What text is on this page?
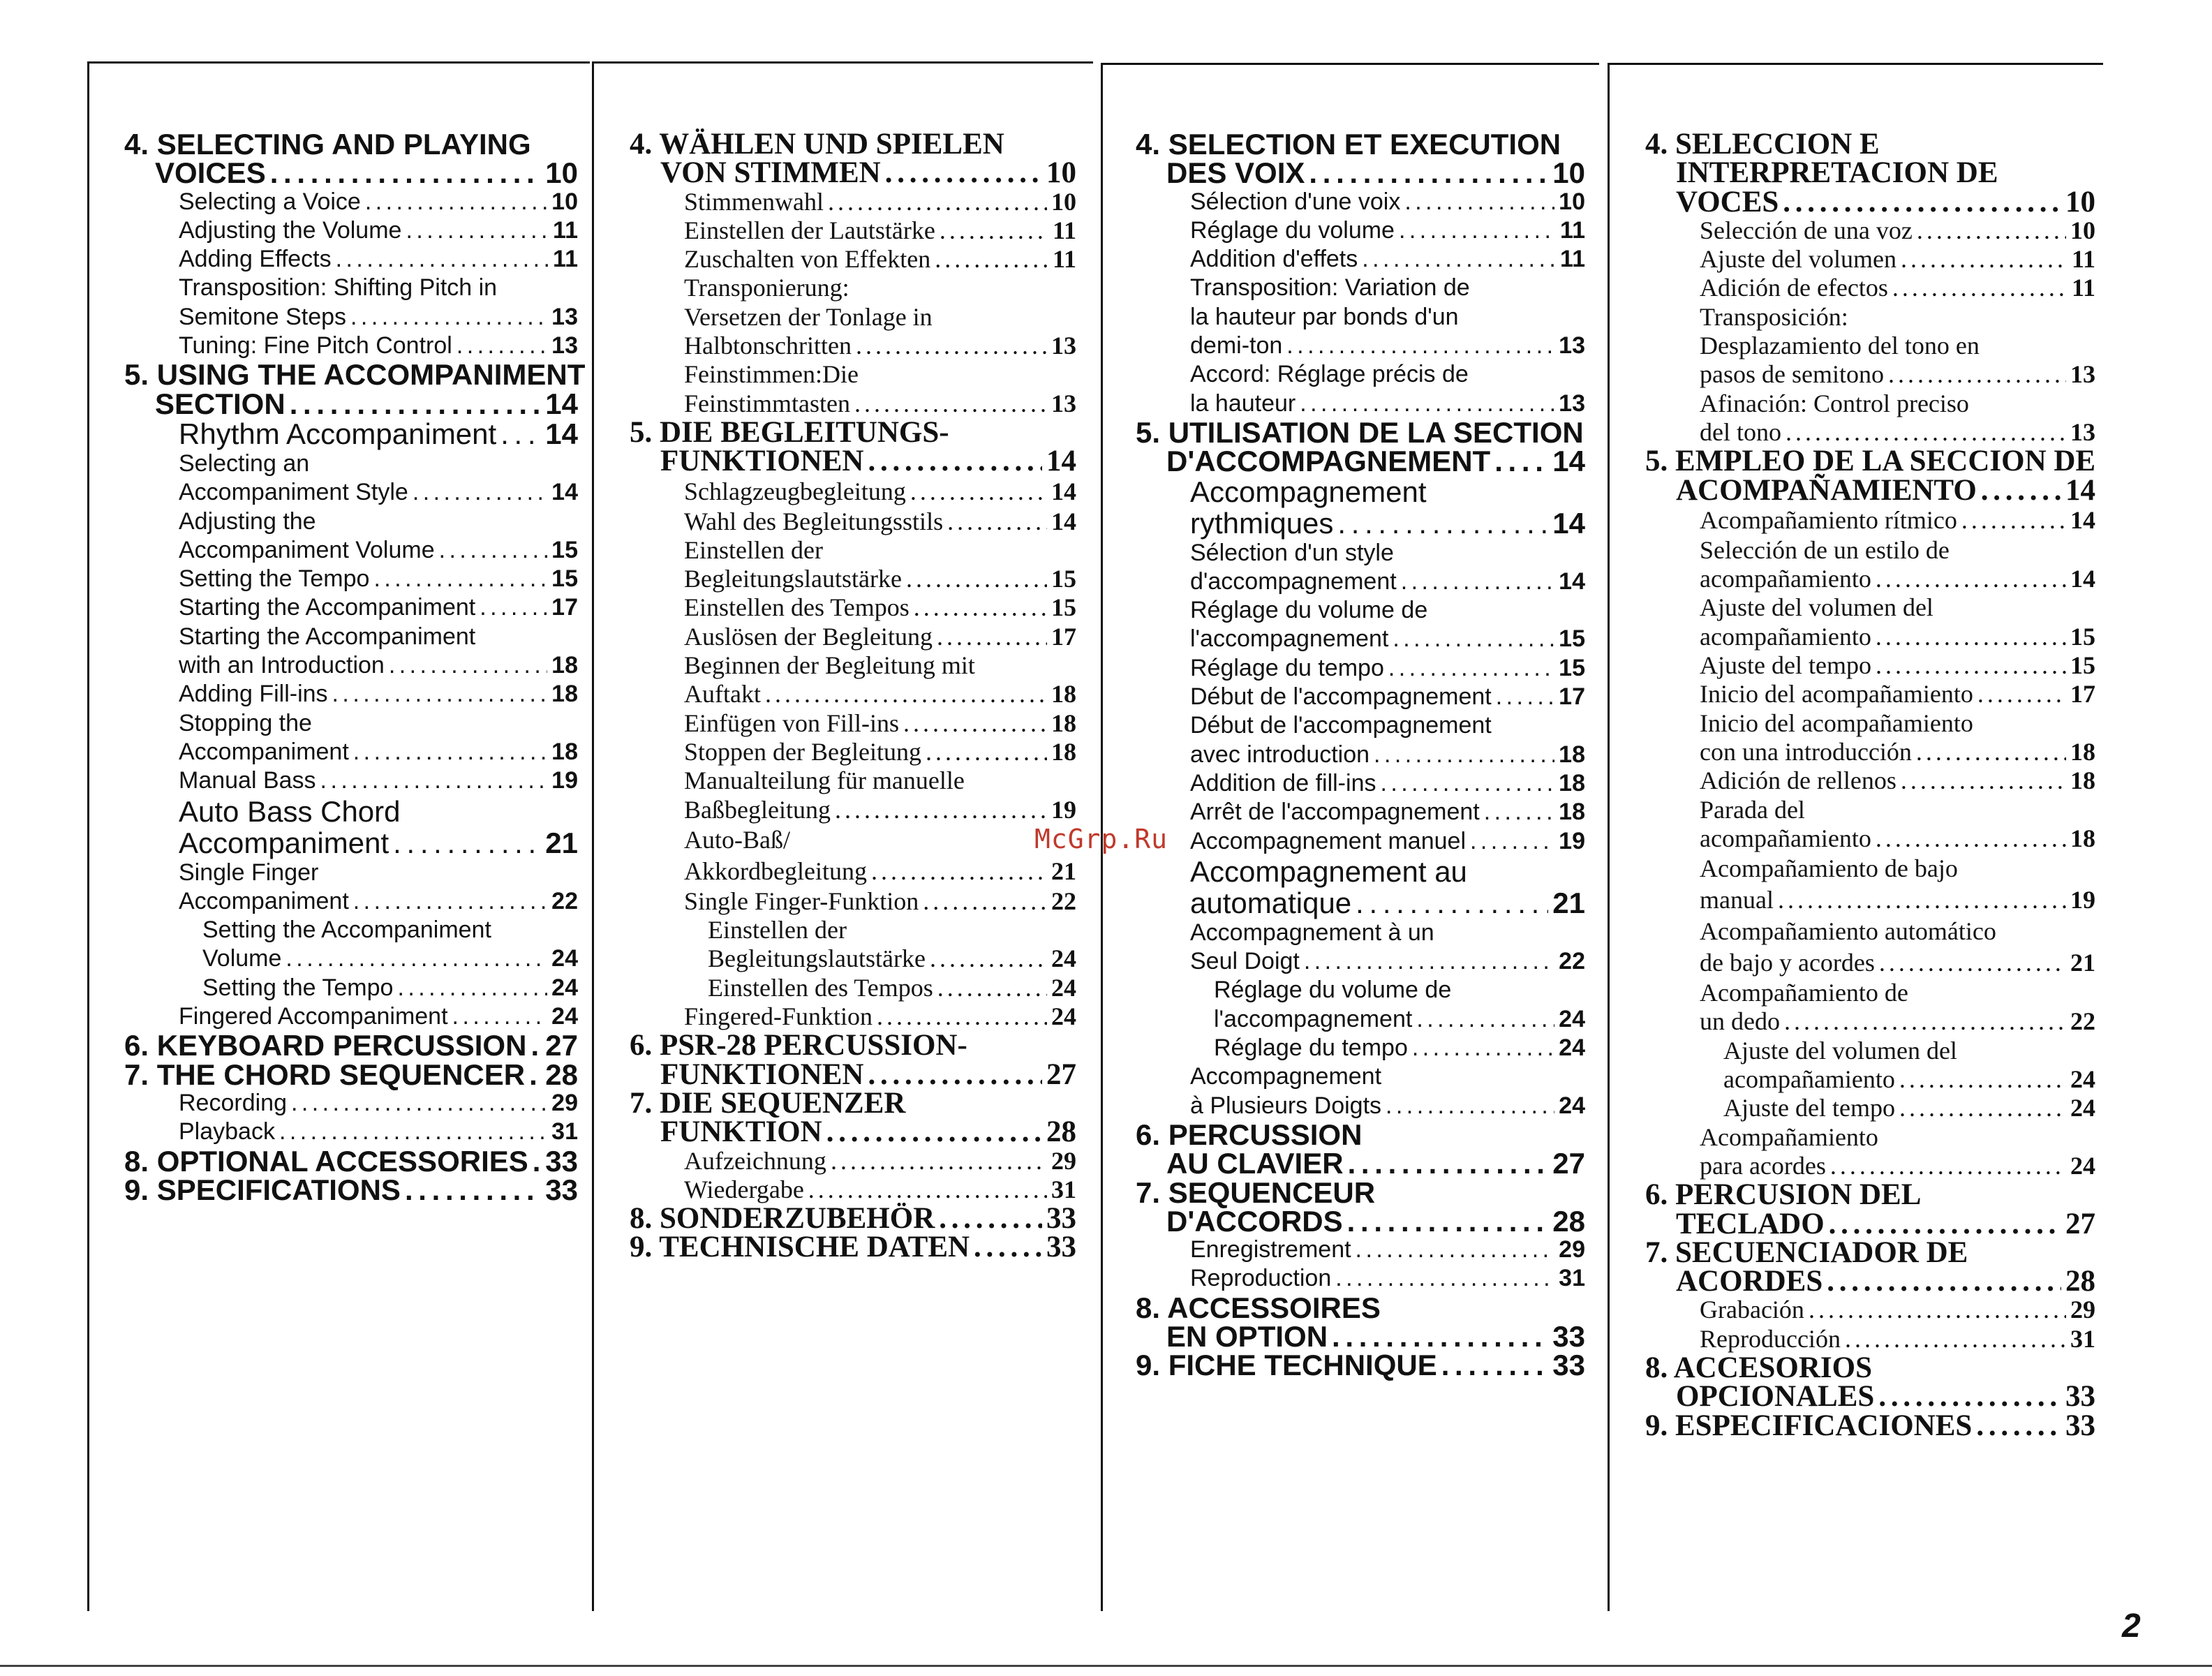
4. SELECTING AND PLAYING
VOICES . . .	10
Selecting a Voice . . .	10
Adjusting the Volume . . .	11
Adding Effects . . .	11
Transposition: Shifting Pitch in
Semitone Steps . . .	13
Tuning: Fine Pitch Control . . .	13
5. USING THE ACCOMPANIMENT
SECTION . . .	14
Rhythm Accompaniment . . . 14
Selecting an
Accompaniment Style . . .	14
Adjusting the
Accompaniment Volume . . .	15
Setting the Tempo . . .	15
Starting the Accompaniment . . .	17
Starting the Accompaniment
with an Introduction . . .	18
Adding Fill-ins . . .	18
Stopping the
Accompaniment . . .	18
Manual Bass . . .	19
Auto Bass Chord
Accompaniment . . .	21
Single Finger
Accompaniment . . .	22
Setting the Accompaniment
Volume . . .	24
Setting the Tempo . . .	24
Fingered Accompaniment . . .	24
6. KEYBOARD PERCUSSION . . . 27
7. THE CHORD SEQUENCER . . . 28
Recording . . .	29
Playback . . .	31
8. OPTIONAL ACCESSORIES . . . 33
9. SPECIFICATIONS . . .	33
4. WÄHLEN UND SPIELEN
VON STIMMEN . . .	10
Stimmenwahl . . .	10
Einstellen der Lautstärke . . .	11
Zuschalten von Effekten . . .	11
Transponierung:
Versetzen der Tonlage in
Halbtonschritten . . .	13
Feinstimmen:Die
Feinstimmtasten . . .	13
5. DIE BEGLEITUNGS-
FUNKTIONEN . . .	14
Schlagzeugbegleitung . . .	14
Wahl des Begleitungsstils . . .	14
Einstellen der
Begleitungslautstärke . . .	15
Einstellen des Tempos . . .	15
Auslösen der Begleitung . . .	17
Beginnen der Begleitung mit
Auftakt . . .	18
Einfügen von Fill-ins . . .	18
Stoppen der Begleitung . . .	18
Manualteilung für manuelle
Baßbegleitung . . .	19
Auto-Baß/
Akkordbegleitung . . .	21
Single Finger-Funktion . . .	22
Einstellen der
Begleitungslautstärke . . .	24
Einstellen des Tempos . . .	24
Fingered-Funktion . . .	24
6. PSR-28 PERCUSSION-
FUNKTIONEN . . .	27
7. DIE SEQUENZER
FUNKTION . . .	28
Aufzeichnung . . .	29
Wiedergabe . . .	31
8. SONDERZUBEHÖR . . .	33
9. TECHNISCHE DATEN . . .	33
4. SELECTION ET EXECUTION
DES VOIX . . .	10
Sélection d'une voix . . .	10
Réglage du volume . . .	11
Addition d'effets . . .	11
Transposition: Variation de
la hauteur par bonds d'un
demi-ton . . .	13
Accord: Réglage précis de
la hauteur . . .	13
5. UTILISATION DE LA SECTION
D'ACCOMPAGNEMENT . . . 14
Accompagnement
rythmiques . . .	14
Sélection d'un style
d'accompagnement . . .	14
Réglage du volume de
l'accompagnement . . .	15
Réglage du tempo . . .	15
Début de l'accompagnement . . .	17
Début de l'accompagnement
avec introduction . . .	18
Addition de fill-ins . . .	18
Arrêt de l'accompagnement . . .	18
Accompagnement manuel . . .	19
Accompagnement au
automatique . . .	21
Accompagnement à un
Seul Doigt . . .	22
Réglage du volume de
l'accompagnement . . .	24
Réglage du tempo . . .	24
Accompagnement
à Plusieurs Doigts . . .	24
6. PERCUSSION
AU CLAVIER . . .	27
7. SEQUENCEUR
D'ACCORDS . . .	28
Enregistrement . . .	29
Reproduction . . .	31
8. ACCESSOIRES
EN OPTION . . .	33
9. FICHE TECHNIQUE . . .	33
4. SELECCION E
INTERPRETACION DE
VOCES . . .	10
Selección de una voz . . .	10
Ajuste del volumen . . .	11
Adición de efectos . . .	11
Transposición:
Desplazamiento del tono en
pasos de semitono . . .	13
Afinación: Control preciso
del tono . . .	13
5. EMPLEO DE LA SECCION DE
ACOMPAÑAMIENTO . . .	14
Acompañamiento rítmico . . .	14
Selección de un estilo de
acompañamiento . . .	14
Ajuste del volumen del
acompañamiento . . .	15
Ajuste del tempo . . .	15
Inicio del acompañamiento . . .	17
Inicio del acompañamiento
con una introducción . . .	18
Adición de rellenos . . .	18
Parada del
acompañamiento . . .	18
Acompañamiento de bajo
manual . . .	19
Acompañamiento automático
de bajo y acordes . . .	21
Acompañamiento de
un dedo . . .	22
Ajuste del volumen del
acompañamiento . . .	24
Ajuste del tempo . . .	24
Acompañamiento
para acordes . . .	24
6. PERCUSION DEL
TECLADO . . .	27
7. SECUENCIADOR DE
ACORDES . . .	28
Grabación . . .	29
Reproducción . . .	31
8. ACCESORIOS
OPCIONALES . . .	33
9. ESPECIFICACIONES . . .	33
McGrp.Ru
2
